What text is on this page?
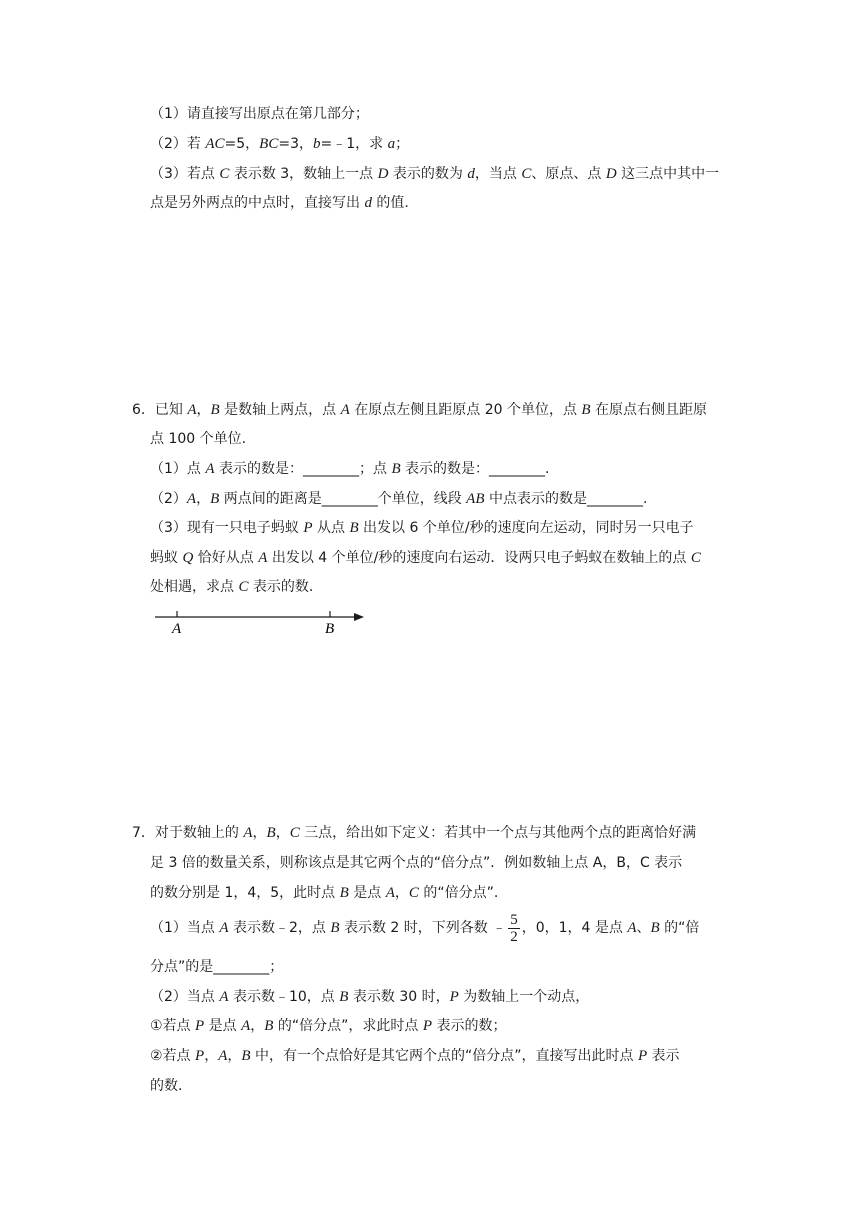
（1）请直接写出原点在第几部分；
（2）若 AC=5，BC=3，b=﹣1，求 a；
（3）若点 C 表示数 3，数轴上一点 D 表示的数为 d，当点 C、原点、点 D 这三点中其中一
点是另外两点的中点时，直接写出 d 的值.
6．已知 A，B 是数轴上两点，点 A 在原点左侧且距原点 20 个单位，点 B 在原点右侧且距原
点 100 个单位.
（1）点 A 表示的数是：________；点 B 表示的数是：________.
（2）A，B 两点间的距离是________个单位，线段 AB 中点表示的数是________.
（3）现有一只电子蚂蚁 P 从点 B 出发以 6 个单位/秒的速度向左运动，同时另一只电子
蚂蚁 Q 恰好从点 A 出发以 4 个单位/秒的速度向右运动．设两只电子蚂蚁在数轴上的点 C
处相遇，求点 C 表示的数.
A	B
7．对于数轴上的 A，B，C 三点，给出如下定义：若其中一个点与其他两个点的距离恰好满
足 3 倍的数量关系，则称该点是其它两个点的“倍分点”．例如数轴上点 A，B，C 表示
的数分别是 1，4，5，此时点 B 是点 A，C 的“倍分点”.
（1）当点 A 表示数﹣2，点 B 表示数 2 时，下列各数 ﹣ $\frac{5}{2}$ ，0，1，4 是点 A、B 的“倍
分点”的是________；
（2）当点 A 表示数﹣10，点 B 表示数 30 时，P 为数轴上一个动点，
①若点 P 是点 A，B 的“倍分点”，求此时点 P 表示的数；
②若点 P，A，B 中，有一个点恰好是其它两个点的“倍分点”，直接写出此时点 P 表示
的数.
